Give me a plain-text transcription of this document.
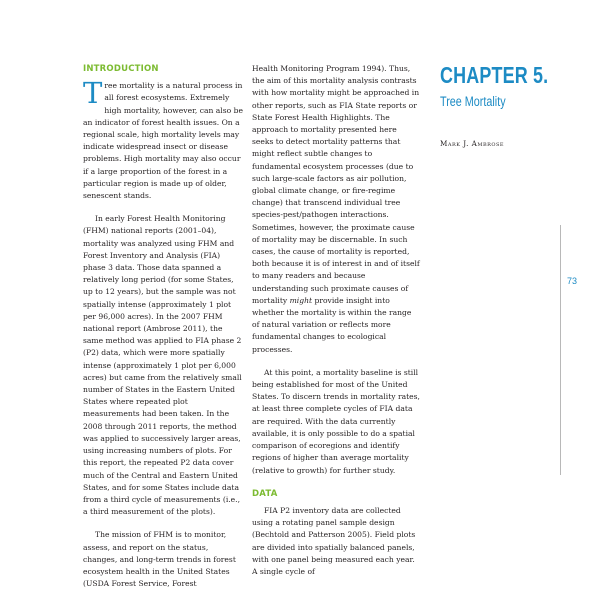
INTRODUCTION
T ree mortality is a natural process in all forest ecosystems. Extremely high mortality, however, can also be an indicator of forest health issues. On a regional scale, high mortality levels may indicate widespread insect or disease problems. High mortality may also occur if a large proportion of the forest in a particular region is made up of older, senescent stands.

In early Forest Health Monitoring (FHM) national reports (2001–04), mortality was analyzed using FHM and Forest Inventory and Analysis (FIA) phase 3 data. Those data spanned a relatively long period (for some States, up to 12 years), but the sample was not spatially intense (approximately 1 plot per 96,000 acres). In the 2007 FHM national report (Ambrose 2011), the same method was applied to FIA phase 2 (P2) data, which were more spatially intense (approximately 1 plot per 6,000 acres) but came from the relatively small number of States in the Eastern United States where repeated plot measurements had been taken. In the 2008 through 2011 reports, the method was applied to successively larger areas, using increasing numbers of plots. For this report, the repeated P2 data cover much of the Central and Eastern United States, and for some States include data from a third cycle of measurements (i.e., a third measurement of the plots).

The mission of FHM is to monitor, assess, and report on the status, changes, and long-term trends in forest ecosystem health in the United States (USDA Forest Service, Forest

Health Monitoring Program 1994). Thus, the aim of this mortality analysis contrasts with how mortality might be approached in other reports, such as FIA State reports or State Forest Health Highlights. The approach to mortality presented here seeks to detect mortality patterns that might reflect subtle changes to fundamental ecosystem processes (due to such large-scale factors as air pollution, global climate change, or fire-regime change) that transcend individual tree species-pest/pathogen interactions. Sometimes, however, the proximate cause of mortality may be discernable. In such cases, the cause of mortality is reported, both because it is of interest in and of itself to many readers and because understanding such proximate causes of mortality might provide insight into whether the mortality is within the range of natural variation or reflects more fundamental changes to ecological processes.

At this point, a mortality baseline is still being established for most of the United States. To discern trends in mortality rates, at least three complete cycles of FIA data are required. With the data currently available, it is only possible to do a spatial comparison of ecoregions and identify regions of higher than average mortality (relative to growth) for further study.

DATA

FIA P2 inventory data are collected using a rotating panel sample design (Bechtold and Patterson 2005). Field plots are divided into spatially balanced panels, with one panel being measured each year. A single cycle of

CHAPTER 5.
Tree Mortality
Mark J. Ambrose
73
